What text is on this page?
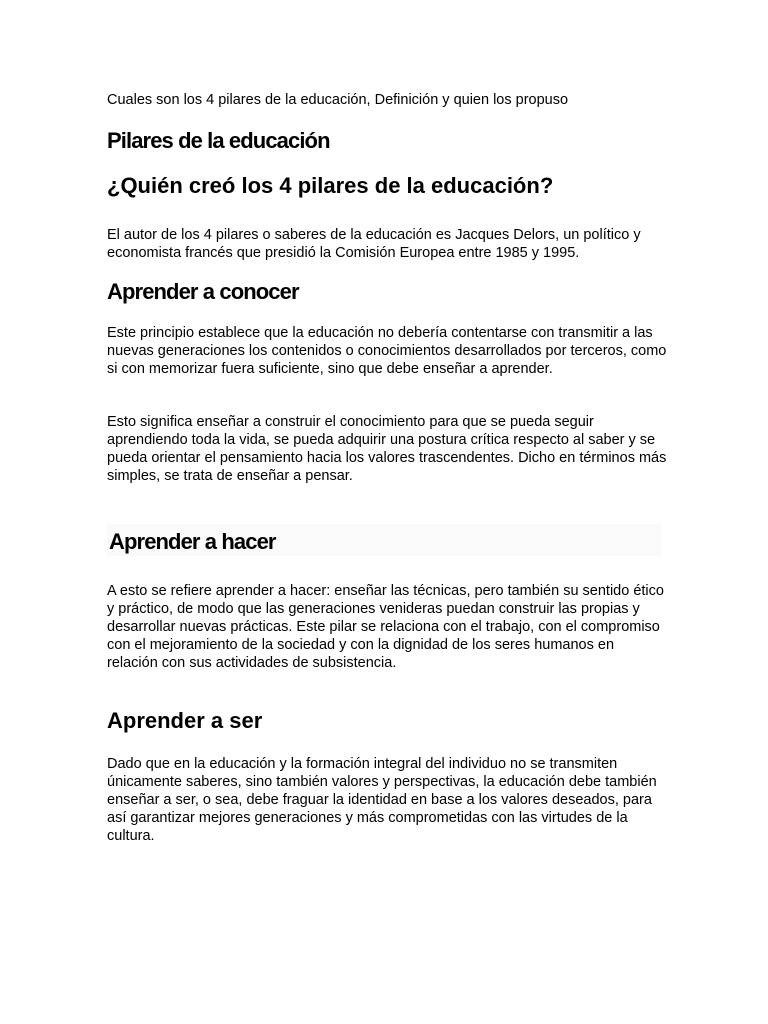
Cuales son los 4 pilares de la educación, Definición y quien los propuso
Pilares de la educación
¿Quién creó los 4 pilares de la educación?
El autor de los 4 pilares o saberes de la educación es Jacques Delors, un político y economista francés que presidió la Comisión Europea entre 1985 y 1995.
Aprender a conocer
Este principio establece que la educación no debería contentarse con transmitir a las nuevas generaciones los contenidos o conocimientos desarrollados por terceros, como si con memorizar fuera suficiente, sino que debe enseñar a aprender.
Esto significa enseñar a construir el conocimiento para que se pueda seguir aprendiendo toda la vida, se pueda adquirir una postura crítica respecto al saber y se pueda orientar el pensamiento hacia los valores trascendentes. Dicho en términos más simples, se trata de enseñar a pensar.
Aprender a hacer
A esto se refiere aprender a hacer: enseñar las técnicas, pero también su sentido ético y práctico, de modo que las generaciones venideras puedan construir las propias y desarrollar nuevas prácticas. Este pilar se relaciona con el trabajo, con el compromiso con el mejoramiento de la sociedad y con la dignidad de los seres humanos en relación con sus actividades de subsistencia.
Aprender a ser
Dado que en la educación y la formación integral del individuo no se transmiten únicamente saberes, sino también valores y perspectivas, la educación debe también enseñar a ser, o sea, debe fraguar la identidad en base a los valores deseados, para así garantizar mejores generaciones y más comprometidas con las virtudes de la cultura.
